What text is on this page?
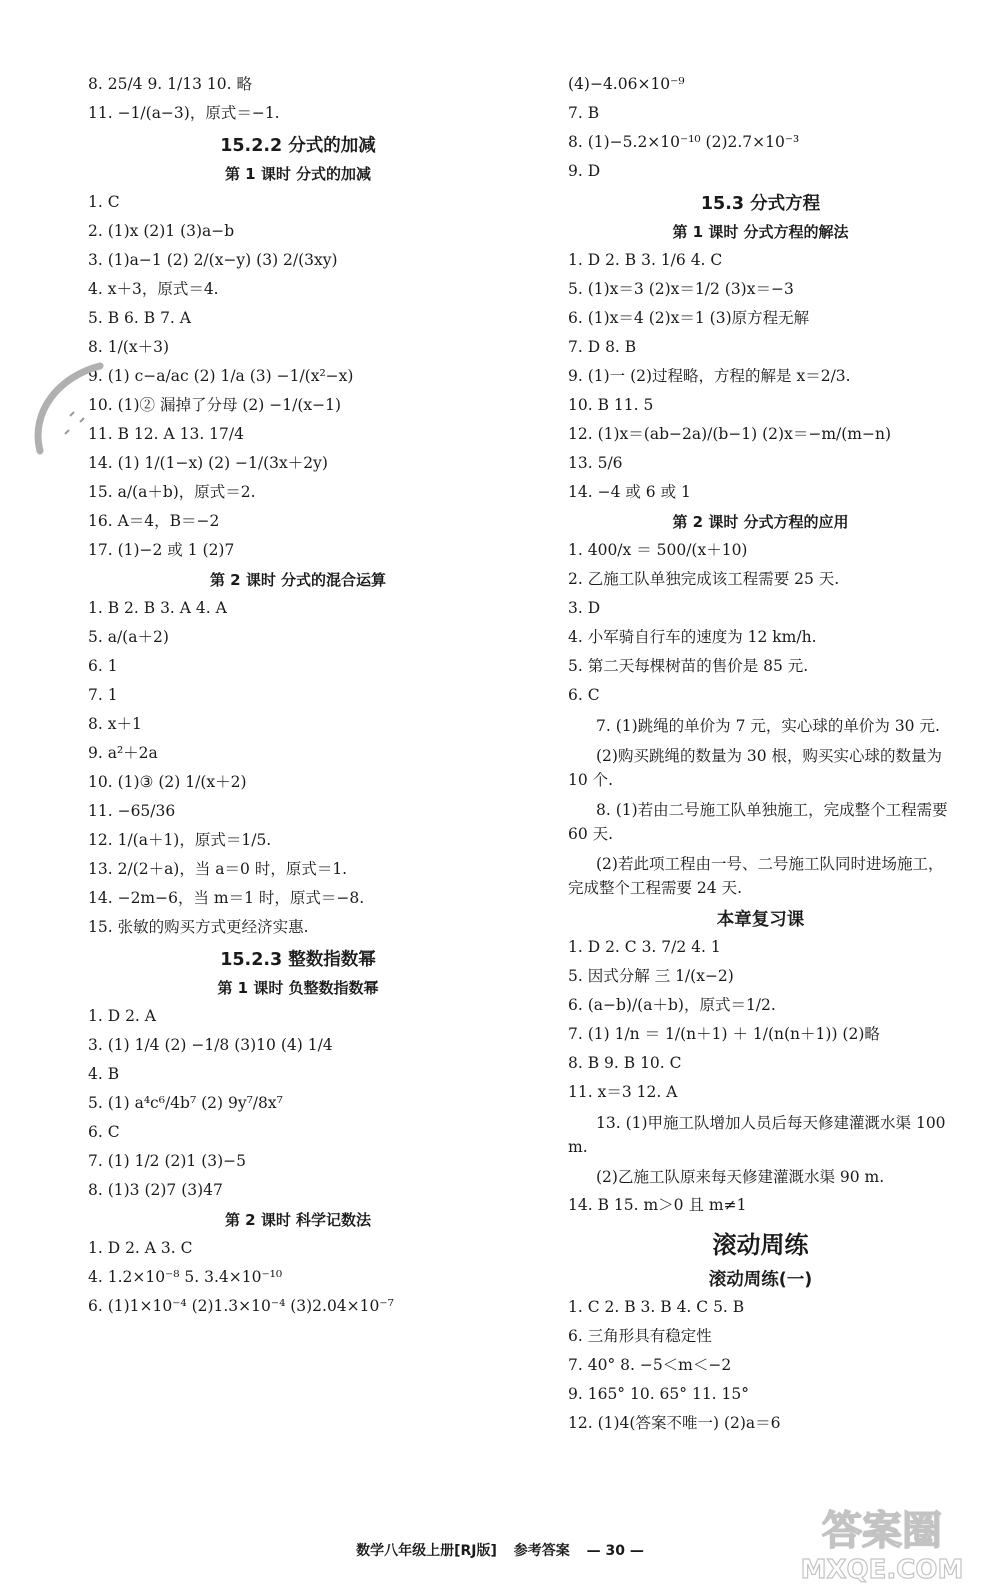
8. 25/4 9. 1/13 10. 略
11. −1/(a−3)，原式＝−1.
15.2.2 分式的加减
第 1 课时 分式的加减
1. C
2. (1)x (2)1 (3)a−b
3. (1)a−1 (2) 2/(x−y) (3) 2/(3xy)
4. x＋3，原式＝4.
5. B 6. B 7. A
8. 1/(x＋3)
9. (1) c−a/ac (2) 1/a (3) −1/(x²−x)
10. (1)② 漏掉了分母 (2) −1/(x−1)
11. B 12. A 13. 17/4
14. (1) 1/(1−x) (2) −1/(3x＋2y)
15. a/(a＋b)，原式＝2.
16. A＝4，B＝−2
17. (1)−2 或 1 (2)7
第 2 课时 分式的混合运算
1. B 2. B 3. A 4. A
5. a/(a＋2)
6. 1
7. 1
8. x＋1
9. a²＋2a
10. (1)③ (2) 1/(x＋2)
11. −65/36
12. 1/(a＋1)，原式＝1/5.
13. 2/(2＋a)，当 a＝0 时，原式＝1.
14. −2m−6，当 m＝1 时，原式＝−8.
15. 张敏的购买方式更经济实惠.
15.2.3 整数指数幂
第 1 课时 负整数指数幂
1. D 2. A
3. (1) 1/4 (2) −1/8 (3)10 (4) 1/4
4. B
5. (1) a⁴c⁶/4b⁷ (2) 9y⁷/8x⁷
6. C
7. (1) 1/2 (2)1 (3)−5
8. (1)3 (2)7 (3)47
第 2 课时 科学记数法
1. D 2. A 3. C
4. 1.2×10⁻⁸ 5. 3.4×10⁻¹⁰
6. (1)1×10⁻⁴ (2)1.3×10⁻⁴ (3)2.04×10⁻⁷
(4)−4.06×10⁻⁹
7. B
8. (1)−5.2×10⁻¹⁰ (2)2.7×10⁻³
9. D
15.3 分式方程
第 1 课时 分式方程的解法
1. D 2. B 3. 1/6 4. C
5. (1)x＝3 (2)x＝1/2 (3)x＝−3
6. (1)x＝4 (2)x＝1 (3)原方程无解
7. D 8. B
9. (1)一 (2)过程略，方程的解是 x＝2/3.
10. B 11. 5
12. (1)x＝(ab−2a)/(b−1) (2)x＝−m/(m−n)
13. 5/6
14. −4 或 6 或 1
第 2 课时 分式方程的应用
1. 400/x ＝ 500/(x＋10)
2. 乙施工队单独完成该工程需要 25 天.
3. D
4. 小军骑自行车的速度为 12 km/h.
5. 第二天每棵树苗的售价是 85 元.
6. C
7. (1)跳绳的单价为 7 元，实心球的单价为 30 元.
(2)购买跳绳的数量为 30 根，购买实心球的数量为 10 个.
8. (1)若由二号施工队单独施工，完成整个工程需要 60 天.
(2)若此项工程由一号、二号施工队同时进场施工，完成整个工程需要 24 天.
本章复习课
1. D 2. C 3. 7/2 4. 1
5. 因式分解 三 1/(x−2)
6. (a−b)/(a＋b)，原式＝1/2.
7. (1) 1/n ＝ 1/(n＋1) ＋ 1/(n(n＋1)) (2)略
8. B 9. B 10. C
11. x＝3 12. A
13. (1)甲施工队增加人员后每天修建灌溉水渠 100 m.
(2)乙施工队原来每天修建灌溉水渠 90 m.
14. B 15. m＞0 且 m≠1
滚动周练
滚动周练(一)
1. C 2. B 3. B 4. C 5. B
6. 三角形具有稳定性
7. 40° 8. −5＜m＜−2
9. 165° 10. 65° 11. 15°
12. (1)4(答案不唯一) (2)a＝6
数学八年级上册[RJ版] 参考答案 — 30 —	答案圈
MXQE.COM
